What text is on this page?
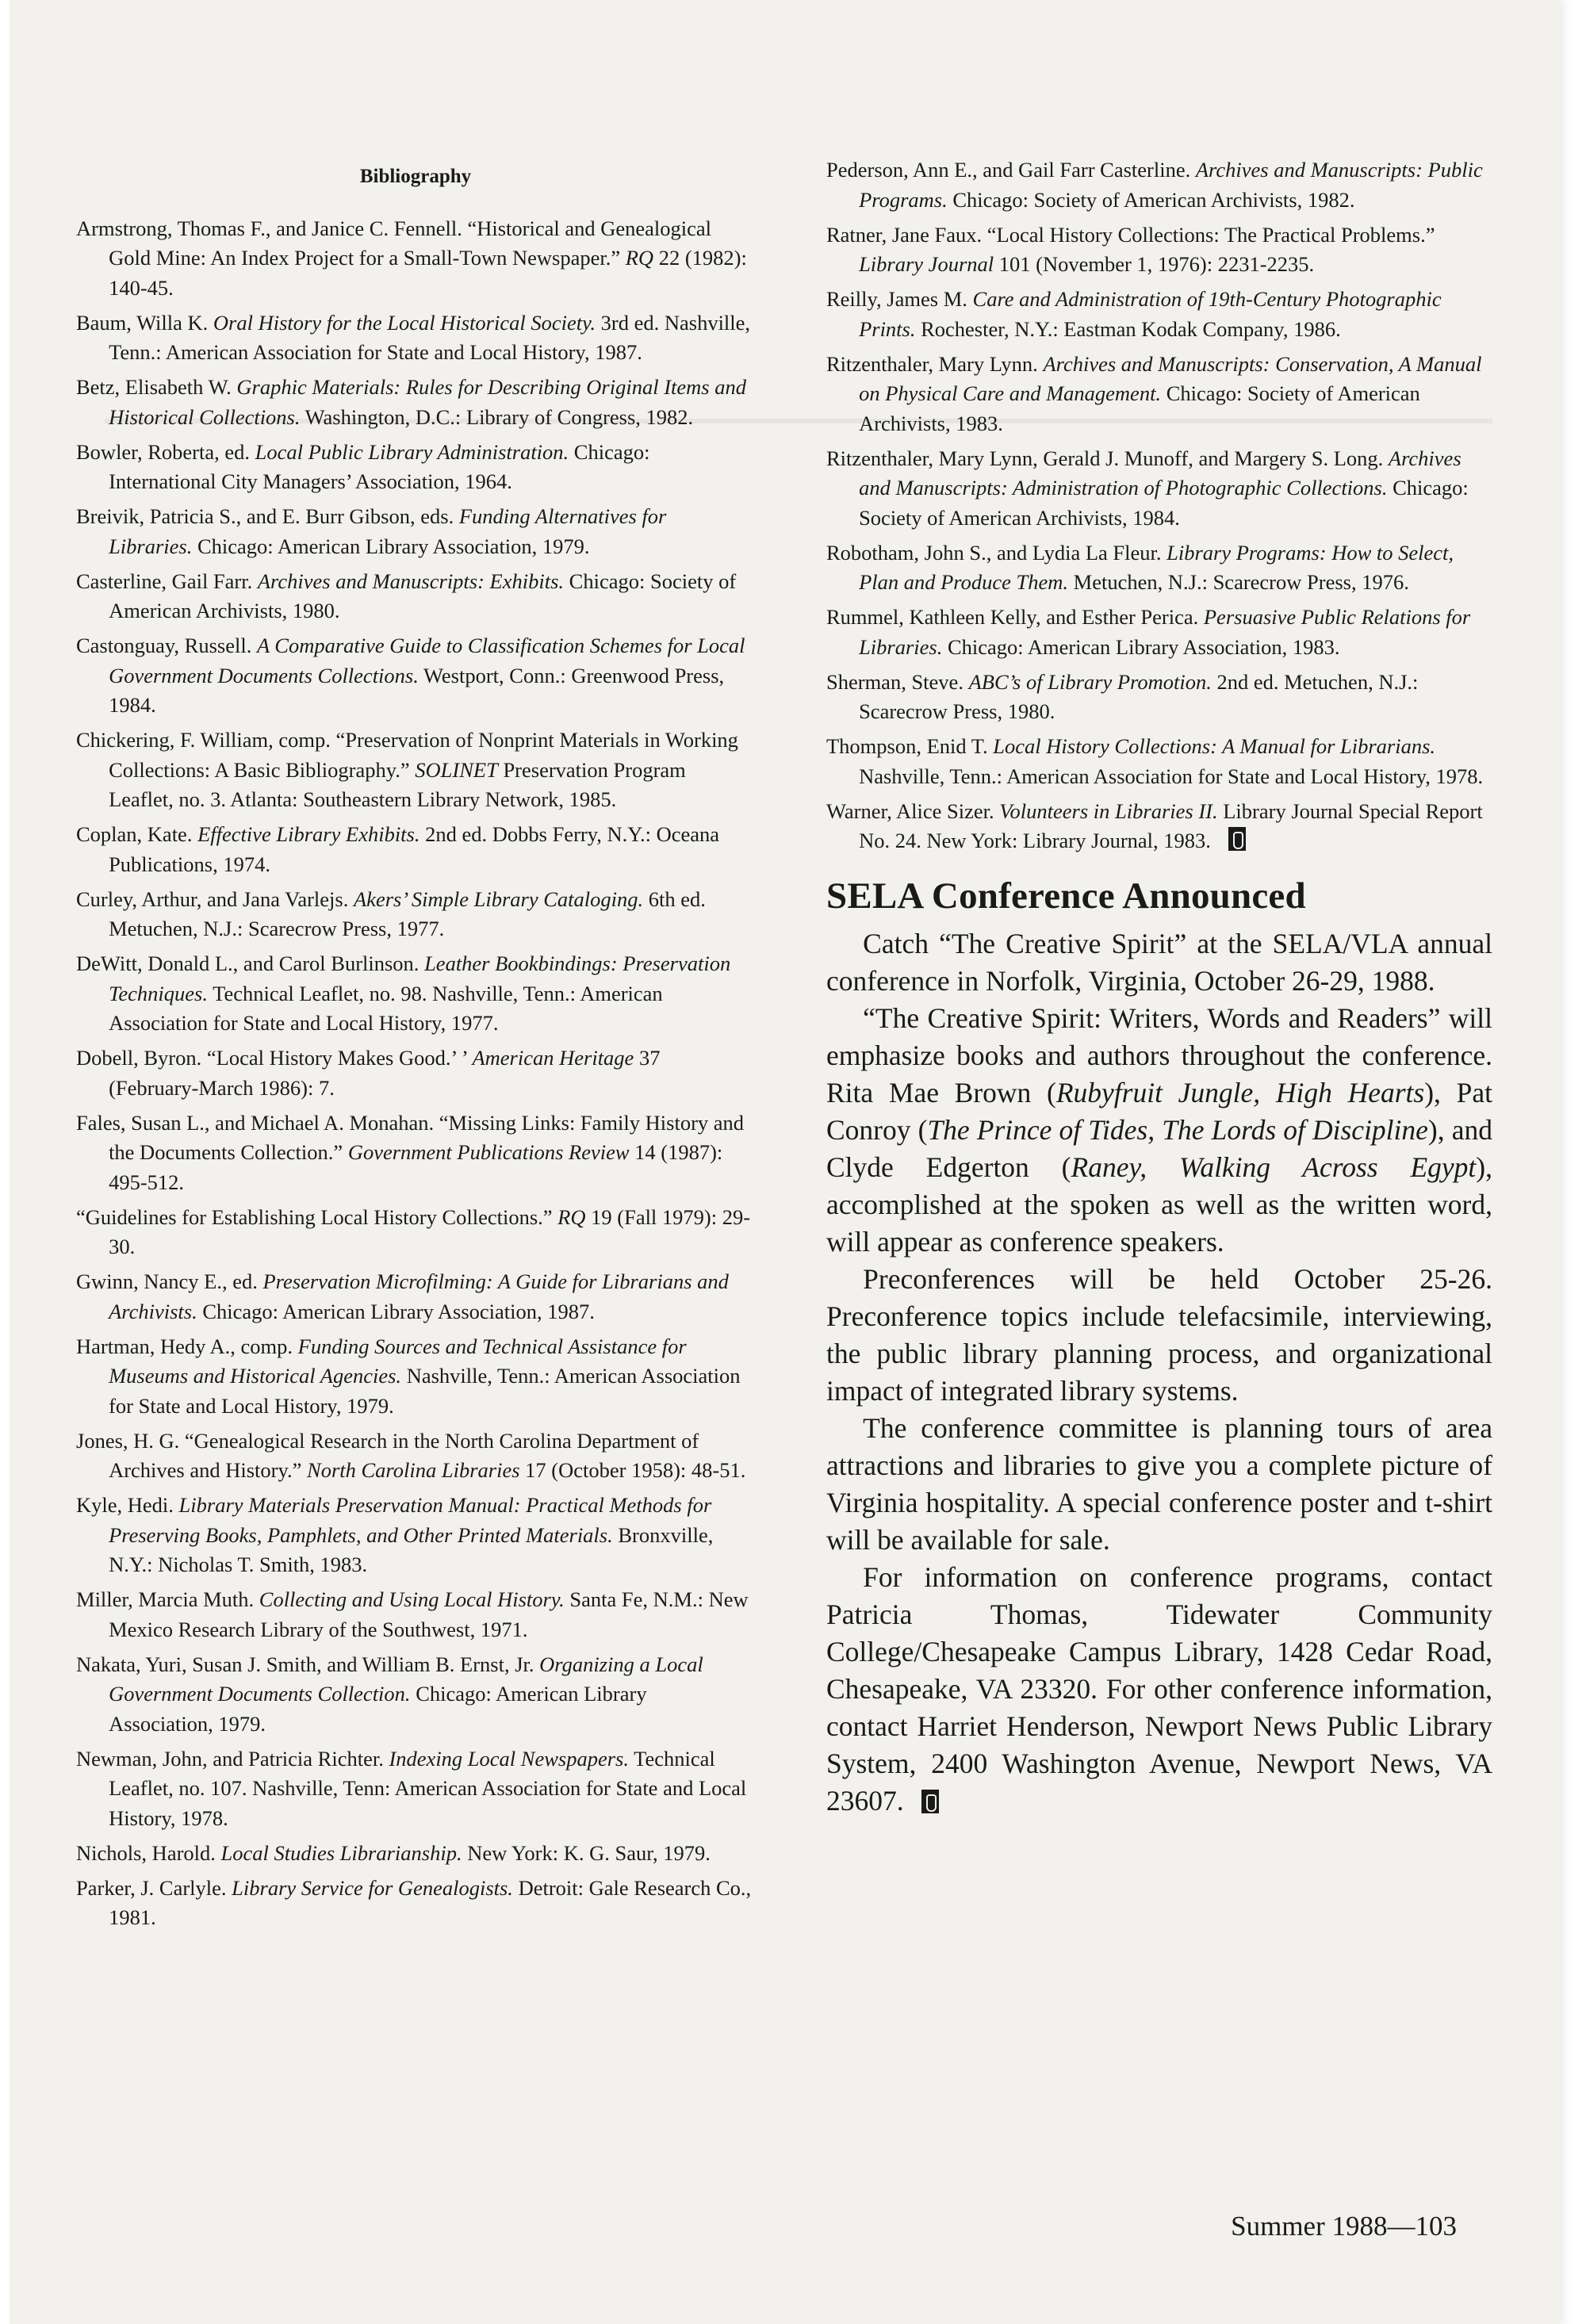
Bibliography
Armstrong, Thomas F., and Janice C. Fennell. “Historical and Genealogical Gold Mine: An Index Project for a Small-Town Newspaper.” RQ 22 (1982): 140-45.
Baum, Willa K. Oral History for the Local Historical Society. 3rd ed. Nashville, Tenn.: American Association for State and Local History, 1987.
Betz, Elisabeth W. Graphic Materials: Rules for Describing Original Items and Historical Collections. Washington, D.C.: Library of Congress, 1982.
Bowler, Roberta, ed. Local Public Library Administration. Chicago: International City Managers’ Association, 1964.
Breivik, Patricia S., and E. Burr Gibson, eds. Funding Alternatives for Libraries. Chicago: American Library Association, 1979.
Casterline, Gail Farr. Archives and Manuscripts: Exhibits. Chicago: Society of American Archivists, 1980.
Castonguay, Russell. A Comparative Guide to Classification Schemes for Local Government Documents Collections. Westport, Conn.: Greenwood Press, 1984.
Chickering, F. William, comp. “Preservation of Nonprint Materials in Working Collections: A Basic Bibliography.” SOLINET Preservation Program Leaflet, no. 3. Atlanta: Southeastern Library Network, 1985.
Coplan, Kate. Effective Library Exhibits. 2nd ed. Dobbs Ferry, N.Y.: Oceana Publications, 1974.
Curley, Arthur, and Jana Varlejs. Akers’ Simple Library Cataloging. 6th ed. Metuchen, N.J.: Scarecrow Press, 1977.
DeWitt, Donald L., and Carol Burlinson. Leather Bookbindings: Preservation Techniques. Technical Leaflet, no. 98. Nashville, Tenn.: American Association for State and Local History, 1977.
Dobell, Byron. “Local History Makes Good.’ ’ American Heritage 37 (February-March 1986): 7.
Fales, Susan L., and Michael A. Monahan. “Missing Links: Family History and the Documents Collection.” Government Publications Review 14 (1987): 495-512.
“Guidelines for Establishing Local History Collections.” RQ 19 (Fall 1979): 29-30.
Gwinn, Nancy E., ed. Preservation Microfilming: A Guide for Librarians and Archivists. Chicago: American Library Association, 1987.
Hartman, Hedy A., comp. Funding Sources and Technical Assistance for Museums and Historical Agencies. Nashville, Tenn.: American Association for State and Local History, 1979.
Jones, H. G. “Genealogical Research in the North Carolina Department of Archives and History.” North Carolina Libraries 17 (October 1958): 48-51.
Kyle, Hedi. Library Materials Preservation Manual: Practical Methods for Preserving Books, Pamphlets, and Other Printed Materials. Bronxville, N.Y.: Nicholas T. Smith, 1983.
Miller, Marcia Muth. Collecting and Using Local History. Santa Fe, N.M.: New Mexico Research Library of the Southwest, 1971.
Nakata, Yuri, Susan J. Smith, and William B. Ernst, Jr. Organizing a Local Government Documents Collection. Chicago: American Library Association, 1979.
Newman, John, and Patricia Richter. Indexing Local Newspapers. Technical Leaflet, no. 107. Nashville, Tenn: American Association for State and Local History, 1978.
Nichols, Harold. Local Studies Librarianship. New York: K. G. Saur, 1979.
Parker, J. Carlyle. Library Service for Genealogists. Detroit: Gale Research Co., 1981.
Pederson, Ann E., and Gail Farr Casterline. Archives and Manuscripts: Public Programs. Chicago: Society of American Archivists, 1982.
Ratner, Jane Faux. “Local History Collections: The Practical Problems.” Library Journal 101 (November 1, 1976): 2231-2235.
Reilly, James M. Care and Administration of 19th-Century Photographic Prints. Rochester, N.Y.: Eastman Kodak Company, 1986.
Ritzenthaler, Mary Lynn. Archives and Manuscripts: Conservation, A Manual on Physical Care and Management. Chicago: Society of American Archivists, 1983.
Ritzenthaler, Mary Lynn, Gerald J. Munoff, and Margery S. Long. Archives and Manuscripts: Administration of Photographic Collections. Chicago: Society of American Archivists, 1984.
Robotham, John S., and Lydia La Fleur. Library Programs: How to Select, Plan and Produce Them. Metuchen, N.J.: Scarecrow Press, 1976.
Rummel, Kathleen Kelly, and Esther Perica. Persuasive Public Relations for Libraries. Chicago: American Library Association, 1983.
Sherman, Steve. ABC’s of Library Promotion. 2nd ed. Metuchen, N.J.: Scarecrow Press, 1980.
Thompson, Enid T. Local History Collections: A Manual for Librarians. Nashville, Tenn.: American Association for State and Local History, 1978.
Warner, Alice Sizer. Volunteers in Libraries II. Library Journal Special Report No. 24. New York: Library Journal, 1983.
SELA Conference Announced

Catch “The Creative Spirit” at the SELA/VLA annual conference in Norfolk, Virginia, October 26-29, 1988.

“The Creative Spirit: Writers, Words and Readers” will emphasize books and authors throughout the conference. Rita Mae Brown (Rubyfruit Jungle, High Hearts), Pat Conroy (The Prince of Tides, The Lords of Discipline), and Clyde Edgerton (Raney, Walking Across Egypt), accomplished at the spoken as well as the written word, will appear as conference speakers.

Preconferences will be held October 25-26. Preconference topics include telefacsimile, interviewing, the public library planning process, and organizational impact of integrated library systems.

The conference committee is planning tours of area attractions and libraries to give you a complete picture of Virginia hospitality. A special conference poster and t-shirt will be available for sale.

For information on conference programs, contact Patricia Thomas, Tidewater Community College/Chesapeake Campus Library, 1428 Cedar Road, Chesapeake, VA 23320. For other conference information, contact Harriet Henderson, Newport News Public Library System, 2400 Washington Avenue, Newport News, VA 23607.

Summer 1988—103
